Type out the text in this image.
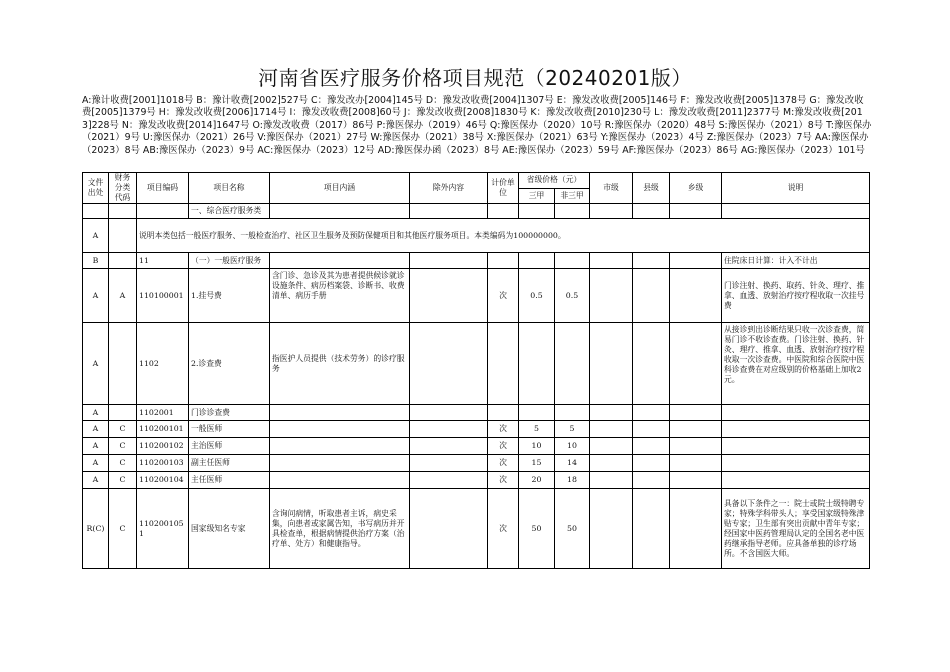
河南省医疗服务价格项目规范（20240201版）
A:豫计收费[2001]1018号 B：豫计收费[2002]527号 C：豫发改办[2004]145号 D：豫发改收费[2004]1307号 E：豫发改收费[2005]146号 F：豫发改收费[2005]1378号 G：豫发改收费[2005]1379号 H：豫发改收费[2006]1714号 I：豫发改收费[2008]60号 J：豫发改收费[2008]1830号 K：豫发改收费[2010]230号 L：豫发改收费[2011]2377号 M:豫发改收费[2013]228号 N：豫发改收费[2014]1647号 O:豫发改收费（2017）86号 P:豫医保办（2019）46号 Q:豫医保办（2020）10号 R:豫医保办（2020）48号 S:豫医保办（2021）8号 T:豫医保办（2021）9号 U:豫医保办（2021）26号 V:豫医保办（2021）27号 W:豫医保办（2021）38号 X:豫医保办（2021）63号 Y:豫医保办（2023）4号 Z:豫医保办（2023）7号 AA:豫医保办（2023）8号 AB:豫医保办（2023）9号 AC:豫医保办（2023）12号 AD:豫医保办函（2023）8号 AE:豫医保办（2023）59号 AF:豫医保办（2023）86号 AG:豫医保办（2023）101号
文件出处	财务分类代码	项目编码	项目名称	项目内涵	除外内容	计价单位	省级价格（元）		市级	县级	乡级	说明
							三甲	非三甲				
			一、综合医疗服务类									
A		说明本类包括一般医疗服务、一般检查治疗、社区卫生服务及预防保健项目和其他医疗服务项目。本类编码为100000000。										
B		11	（一）一般医疗服务									住院床日计算：计入不计出
A	A	110100001	1.挂号费	含门诊、急诊及其为患者提供候诊就诊设施条件、病历档案袋、诊断书、收费清单、病历手册		次	0.5	0.5				门诊注射、换药、取药、针灸、理疗、推拿、血透、放射治疗按疗程收取一次挂号费
A		1102	2.诊查费	指医护人员提供（技术劳务）的诊疗服务								从接诊到出诊断结果只收一次诊查费，简易门诊不收诊查费。门诊注射、换药、针灸、理疗、推拿、血透、放射治疗按疗程收取一次诊查费。中医院和综合医院中医科诊查费在对应级别的价格基础上加收2元。
A		1102001	门诊诊查费									
A	C	110200101	一般医师			次	5	5				
A	C	110200102	主治医师			次	10	10				
A	C	110200103	副主任医师			次	15	14				
A	C	110200104	主任医师			次	20	18				
R(C)	C	1102001051	国家级知名专家	含询问病情，听取患者主诉，病史采集，向患者或家属告知，书写病历并开具检查单，根据病情提供治疗方案（治疗单、处方）和健康指导。		次	50	50				具备以下条件之一：院士或院士级特聘专家；特殊学科带头人；享受国家级特殊津贴专家；卫生部有突出贡献中青年专家；经国家中医药管理局认定的全国名老中医药继承指导老师。应具备单独的诊疗场所。不含国医大师。
